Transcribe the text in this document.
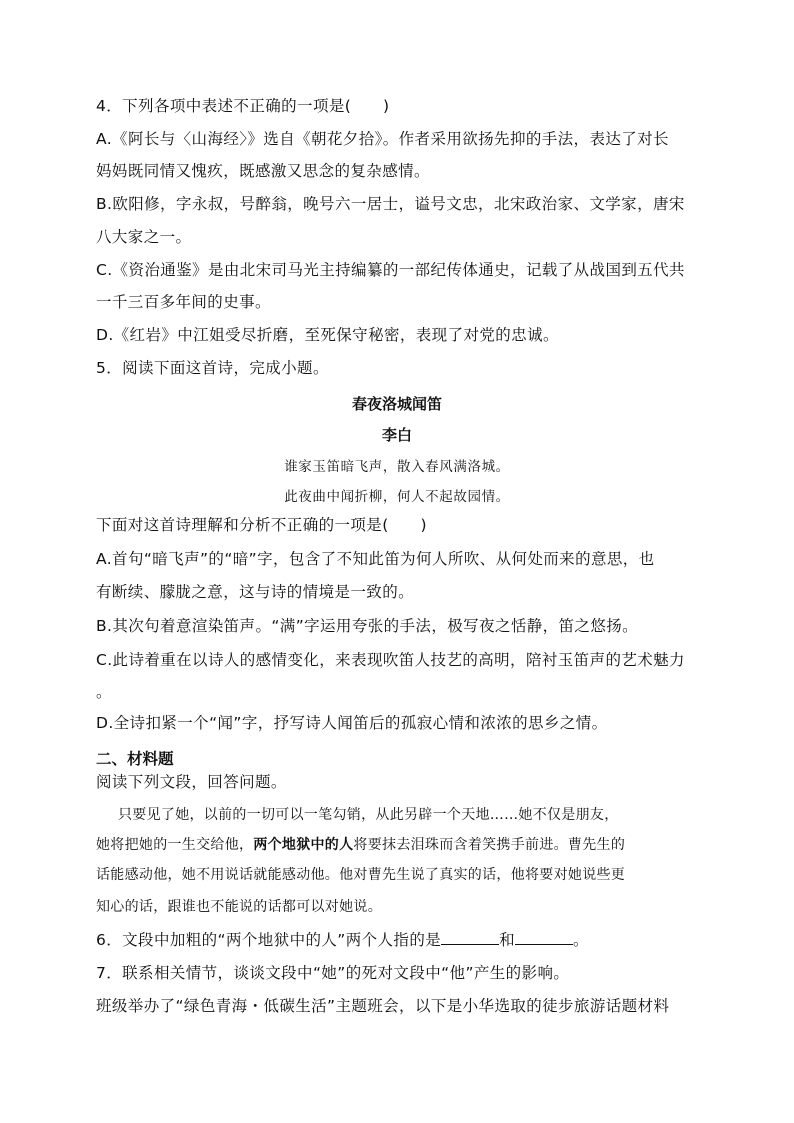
4．下列各项中表述不正确的一项是(　　)
A.《阿长与〈山海经〉》选自《朝花夕拾》。作者采用欲扬先抑的手法，表达了对长
妈妈既同情又愧疚，既感激又思念的复杂感情。
B.欧阳修，字永叔，号醉翁，晚号六一居士，谥号文忠，北宋政治家、文学家，唐宋
八大家之一。
C.《资治通鉴》是由北宋司马光主持编纂的一部纪传体通史，记载了从战国到五代共
一千三百多年间的史事。
D.《红岩》中江姐受尽折磨，至死保守秘密，表现了对党的忠诚。
5．阅读下面这首诗，完成小题。
春夜洛城闻笛
李白
谁家玉笛暗飞声，散入春风满洛城。
此夜曲中闻折柳，何人不起故园情。
下面对这首诗理解和分析不正确的一项是(　　)
A.首句“暗飞声”的“暗”字，包含了不知此笛为何人所吹、从何处而来的意思，也
有断续、朦胧之意，这与诗的情境是一致的。
B.其次句着意渲染笛声。“满”字运用夸张的手法，极写夜之恬静，笛之悠扬。
C.此诗着重在以诗人的感情变化，来表现吹笛人技艺的高明，陪衬玉笛声的艺术魅力
。
D.全诗扣紧一个“闻”字，抒写诗人闻笛后的孤寂心情和浓浓的思乡之情。
二、材料题
阅读下列文段，回答问题。
只要见了她，以前的一切可以一笔勾销，从此另辟一个天地……她不仅是朋友，
她将把她的一生交给他，两个地狱中的人将要抹去泪珠而含着笑携手前进。曹先生的
话能感动他，她不用说话就能感动他。他对曹先生说了真实的话，他将要对她说些更
知心的话，跟谁也不能说的话都可以对她说。
6．文段中加粗的“两个地狱中的人”两个人指的是	和	。
7．联系相关情节，谈谈文段中“她”的死对文段中“他”产生的影响。
班级举办了“绿色青海・低碳生活”主题班会，以下是小华选取的徒步旅游话题材料
